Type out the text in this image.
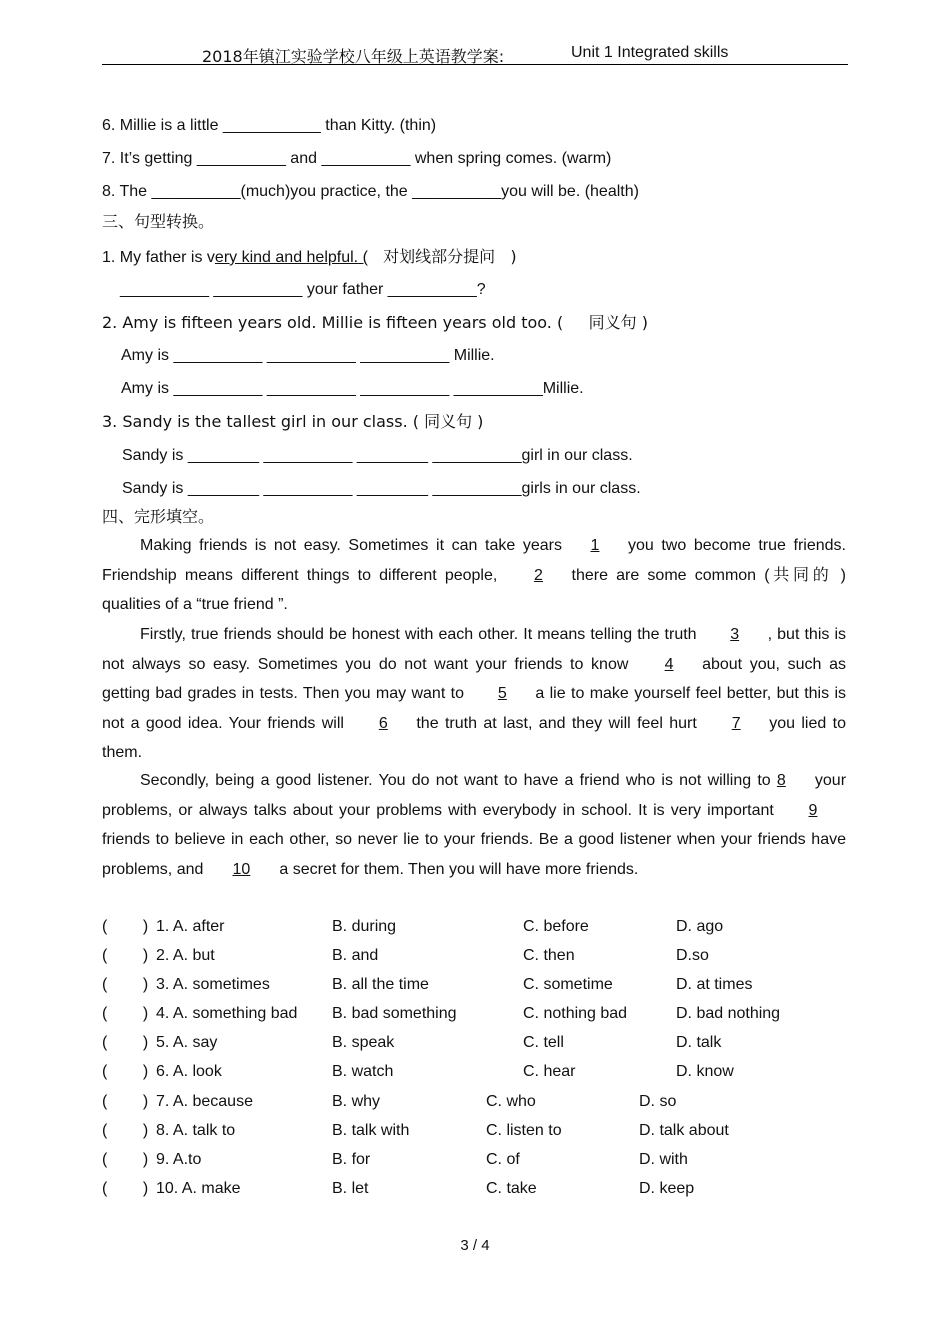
2018年镇江实验学校八年级上英语教学案:	Unit 1 Integrated skills
6. Millie is a little ___________ than Kitty. (thin)
7. It’s getting __________ and __________ when spring comes. (warm)
8. The __________(much)you practice, the __________you will be. (health)
三、句型转换。
1. My father is very kind and helpful. (   对划线部分提问   )
__________ __________ your father __________?
2. Amy is fifteen years old. Millie is fifteen years old too. (     同义句 )
Amy is __________ __________ __________ Millie.
Amy is __________ __________ __________ __________Millie.
3. Sandy is the tallest girl in our class. ( 同义句 )
Sandy is ________ __________ ________ __________girl in our class.
Sandy is ________ __________ ________ __________girls in our class.
四、完形填空。
Making friends is not easy. Sometimes it can take years 1 you two become true friends. Friendship means different things to different people, 2 there are some common (共同的 ) qualities of a “true friend ”.
Firstly, true friends should be honest with each other. It means telling the truth 3 , but this is not always so easy. Sometimes you do not want your friends to know 4 about you, such as getting bad grades in tests. Then you may want to 5 a lie to make yourself feel better, but this is not a good idea. Your friends will 6 the truth at last, and they will feel hurt 7 you lied to them.
Secondly, being a good listener. You do not want to have a friend who is not willing to 8 your problems, or always talks about your problems with everybody in school. It is very important 9friends to believe in each other, so never lie to your friends. Be a good listener when your friends have problems, and 10 a secret for them. Then you will have more friends.
(        ) 1. A. after	B. during	C. before	D. ago
(        ) 2. A. but	B. and	C. then	D.so
(        ) 3. A. sometimes	B. all the time	C. sometime	D. at times
(        ) 4. A. something bad B. bad something	C. nothing bad	D. bad nothing
(        ) 5. A. say	B. speak	C. tell	D. talk
(        ) 6. A. look	B. watch	C. hear	D. know
(        ) 7. A. because	B. why	C. who	D. so
(        ) 8. A. talk to	B. talk with	C. listen to	D. talk about
(        ) 9. A.to	B. for	C. of	D. with
(        ) 10. A. make	B. let	C. take	D. keep
3 / 4
